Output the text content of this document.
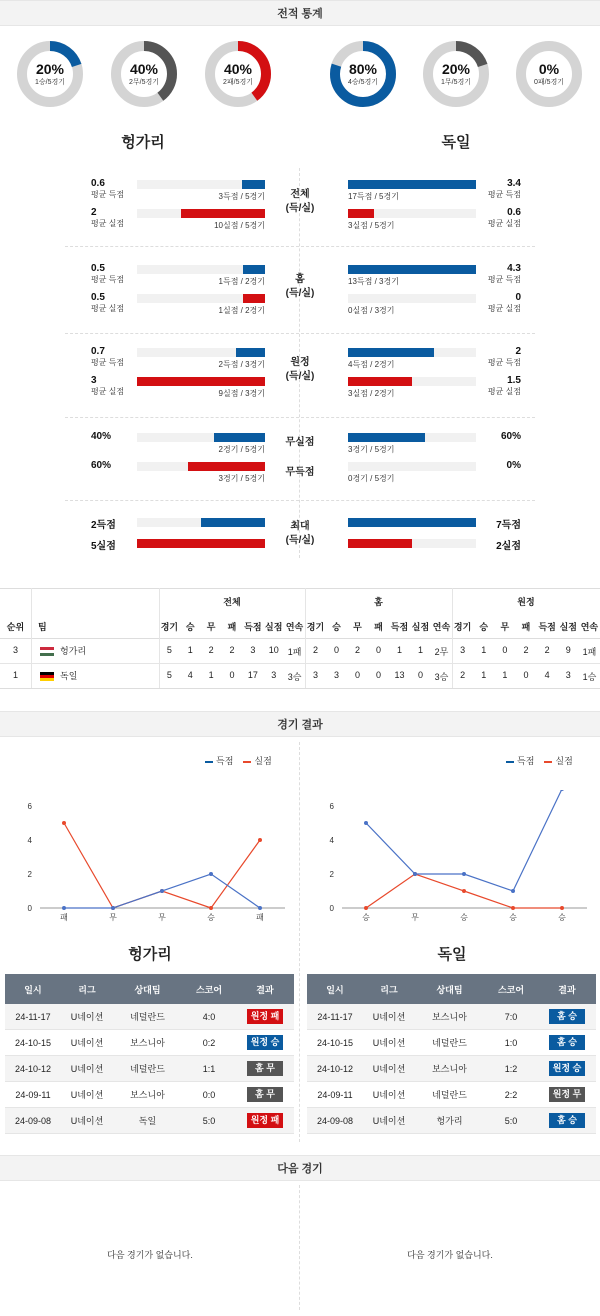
전적 통계
20%
1승/5경기
40%
2무/5경기
40%
2패/5경기
80%
4승/5경기
20%
1무/5경기
0%
0패/5경기
헝가리	독일
0.6
평균 득점
2
평균 실점
3득점 / 5경기
10실점 / 5경기
3.4
평균 득점
0.6
평균 실점
17득점 / 5경기
3실점 / 5경기
전체
(득/실)
0.5
평균 득점
0.5
평균 실점
1득점 / 2경기
1실점 / 2경기
4.3
평균 득점
0
평균 실점
13득점 / 3경기
0실점 / 3경기
홈
(득/실)
0.7
평균 득점
3
평균 실점
2득점 / 3경기
9실점 / 3경기
2
평균 득점
1.5
평균 실점
4득점 / 2경기
3실점 / 2경기
원정
(득/실)
40%
60%
2경기 / 5경기
3경기 / 5경기
60%
0%
3경기 / 5경기
0경기 / 5경기
무실점
무득점
2득점
5실점
7득점
2실점
최대
(득/실)
순위	팀
전체
경기 승	무	패 득점 실점 연속
홈
경기 승	무	패 득점 실점 연속
원정
경기 승	무	패 득점 실점 연속
3	헝가리	5	1	2	2	3	10	1패	2	0	2	0	1	1	2무	3	1	0	2	2	9	1패
1	독일	5	4	1	0	17	3	3승	3	3	0	0	13	0	3승	2	1	1	0	4	3	1승
경기 결과
득점 실점
0
2
4
6
패	무	무	승	패
득점 실점
0
2
4
6
승	무	승	승	승
헝가리	독일
일시	리그	상대팀	스코어	결과
24-11-17	U네이션	네덜란드	4:0	원정 패
24-10-15	U네이션	보스니아	0:2	원정 승
24-10-12	U네이션	네덜란드	1:1	홈 무
24-09-11	U네이션	보스니아	0:0	홈 무
24-09-08	U네이션	독일	5:0	원정 패
일시	리그	상대팀	스코어	결과
24-11-17	U네이션	보스니아	7:0	홈 승
24-10-15	U네이션	네덜란드	1:0	홈 승
24-10-12	U네이션	보스니아	1:2	원정 승
24-09-11	U네이션	네덜란드	2:2	원정 무
24-09-08	U네이션	헝가리	5:0	홈 승
다음 경기
다음 경기가 없습니다.	다음 경기가 없습니다.
